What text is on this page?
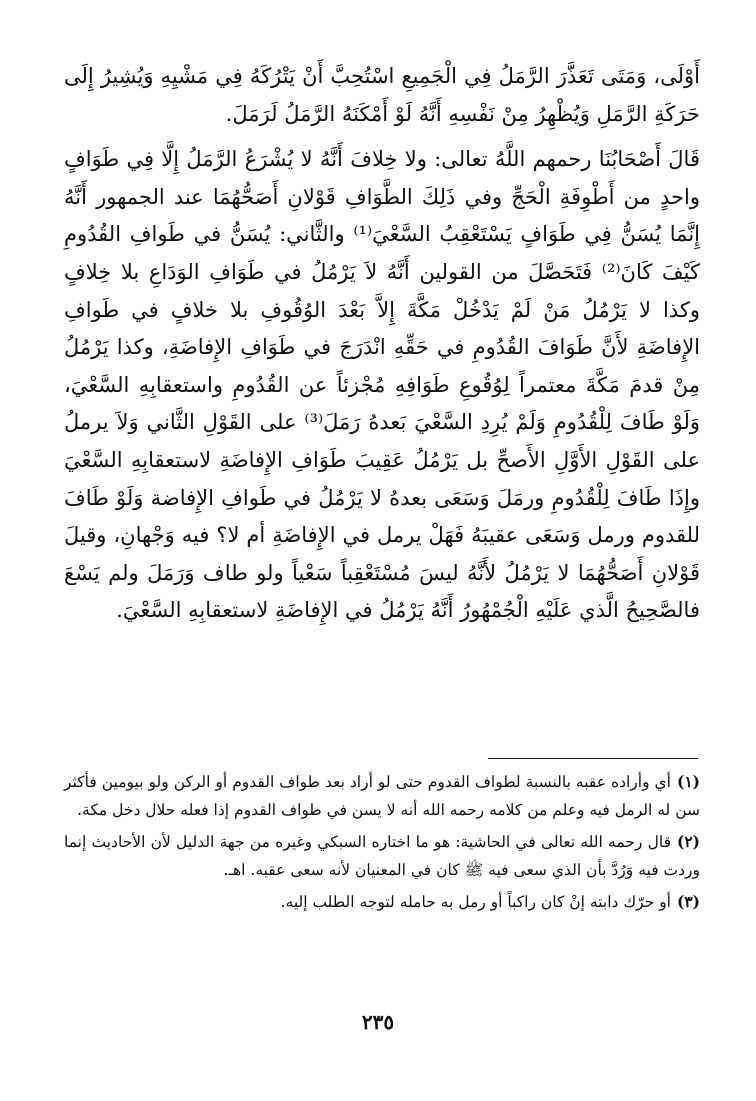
أَوْلَى، وَمَتَى تَعَذَّرَ الرَّمَلُ فِي الْجَمِيعِ اسْتُحِبَّ أَنْ يَتْرُكَهُ فِي مَشْيِهِ وَيُشِيرُ إِلَى حَرَكَةِ الرَّمَلِ وَيُظْهِرُ مِنْ نَفْسِهِ أَنَّهُ لَوْ أَمْكَنَهُ الرَّمَلُ لَرَمَلَ.

قَالَ أَصْحَابُنَا رحمهم اللَّهُ تعالى: ولا خِلافَ أَنَّهُ لا يُشْرَعُ الرَّمَلُ إِلَّا فِي طَوَافٍ واحدٍ من أَطْوِفَةِ الْحَجِّ وفي ذَلِكَ الطَّوَافِ قَوْلانِ أَصَحُّهُمَا عند الجمهور أَنَّهُ إِنَّمَا يُسَنُّ فِي طَوَافٍ يَسْتَعْقِبُ السَّعْيَ⁽¹⁾ والثَّاني: يُسَنُّ في طَوافِ القُدُومِ كَيْفَ كَانَ⁽²⁾ فَتَحَصَّلَ من القولين أَنَّهُ لاَ يَرْمُلُ في طَوَافِ الوَدَاعِ بلا خِلافٍ وكذا لا يَرْمُلُ مَنْ لَمْ يَدْخُلْ مَكَّةَ إِلاَّ بَعْدَ الوُقُوفِ بلا خلافٍ في طَوافِ الإِفاضَةِ لأَنَّ طَوَافَ القُدُومِ في حَقِّهِ انْدَرَجَ في طَوَافِ الإِفاضَةِ، وكذا يَرْمُلُ مِنْ قدمَ مَكَّةَ معتمراً لِوُقُوعِ طَوَافِهِ مُجْزئاً عن القُدُومِ واستعقابِهِ السَّعْيَ، وَلَوْ طَافَ لِلْقُدُومِ وَلَمْ يُرِدِ السَّعْيَ بَعدهُ رَمَلَ⁽³⁾ على القَوْلِ الثَّاني وَلاَ يرملُ على القَوْلِ الأَوَّلِ الأَصحِّ بل يَرْمُلُ عَقِيبَ طَوَافِ الإِفاضَةِ لاستعقابِهِ السَّعْيَ وإِذَا طَافَ لِلْقُدُومِ ورمَلَ وَسَعَى بعدهُ لا يَرْمُلُ في طَوافِ الإِفاضة وَلَوْ طَافَ للقدوم ورمل وَسَعَى عقيبَهُ فَهَلْ يرمل في الإِفاضَةِ أم لا؟ فيه وَجْهانِ، وقيلَ قَوْلانِ أَصَحُّهُمَا لا يَرْمُلُ لأَنَّهُ ليسَ مُسْتَعْقِباً سَعْياً ولو طاف وَرَمَلَ ولم يَسْعَ فالصَّحِيحُ الَّذي عَلَيْهِ الْجُمْهُورُ أَنَّهُ يَرْمُلُ في الإِفاضَةِ لاستعقابِهِ السَّعْيَ.

(١)أي وأراده عقبه بالنسبة لطواف القدوم حتى لو أراد بعد طواف القدوم أو الركن ولو بيومين فأكثر سن له الرمل فيه وعلم من كلامه رحمه الله أنه لا يسن في طواف القدوم إذا فعله حلال دخل مكة.

(٢)قال رحمه الله تعالى في الحاشية: هو ما اختاره السبكي وغيره من جهة الدليل لأن الأحاديث إنما وردت فيه وَرُدَّ بأن الذي سعى فيه ﷺ كان في المعنيان لأنه سعى عقبه. اهـ.

(٣)أو حرّك دابته إنْ كان راكباً أو رمل به حامله لتوجه الطلب إليه.

٢٣٥
